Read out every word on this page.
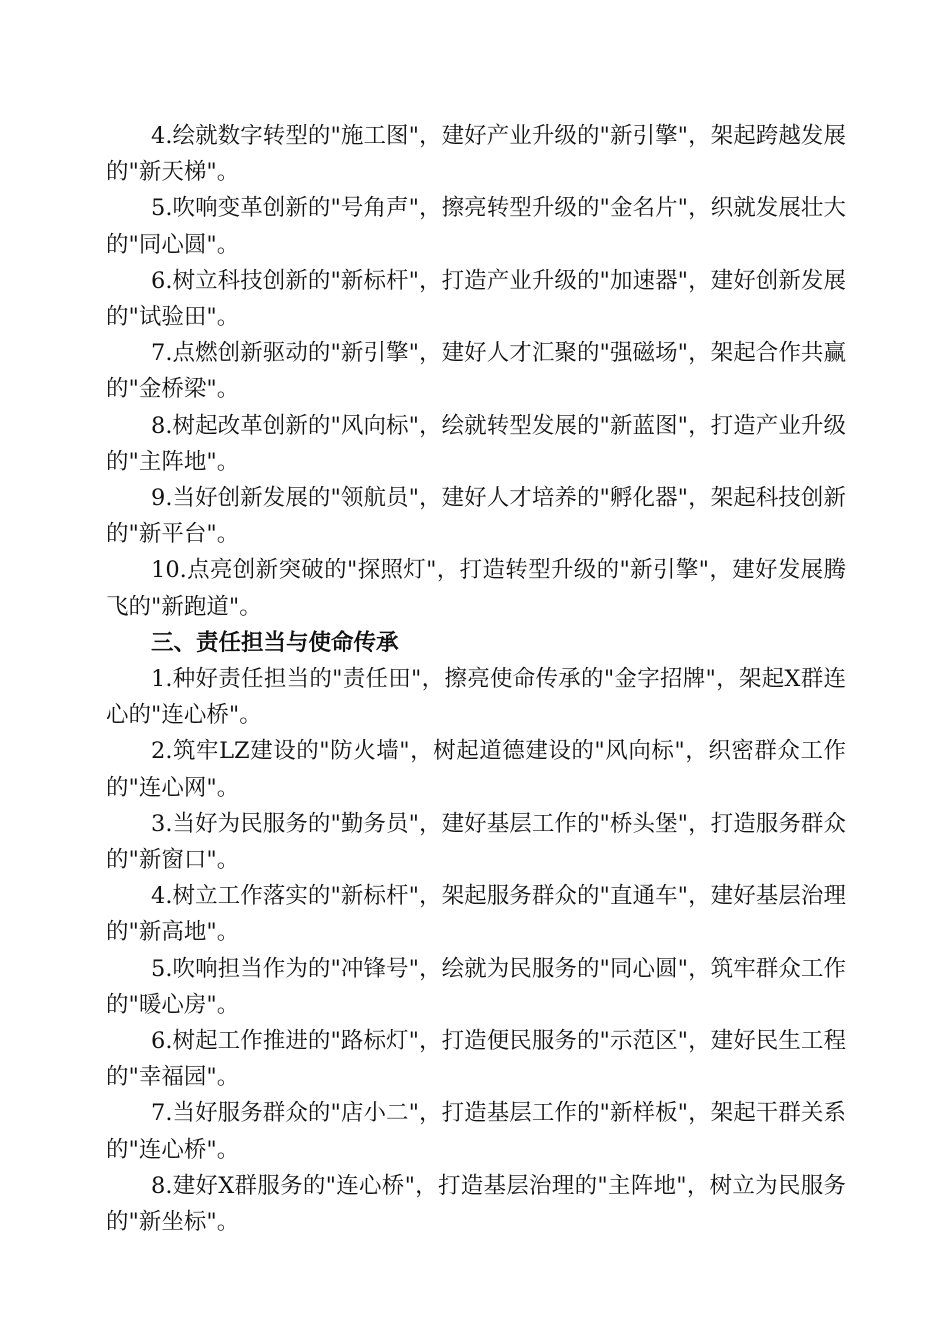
4.绘就数字转型的"施工图"，建好产业升级的"新引擎"，架起跨越发展的"新天梯"。

5.吹响变革创新的"号角声"，擦亮转型升级的"金名片"，织就发展壮大的"同心圆"。

6.树立科技创新的"新标杆"，打造产业升级的"加速器"，建好创新发展的"试验田"。

7.点燃创新驱动的"新引擎"，建好人才汇聚的"强磁场"，架起合作共赢的"金桥梁"。

8.树起改革创新的"风向标"，绘就转型发展的"新蓝图"，打造产业升级的"主阵地"。

9.当好创新发展的"领航员"，建好人才培养的"孵化器"，架起科技创新的"新平台"。

10.点亮创新突破的"探照灯"，打造转型升级的"新引擎"，建好发展腾飞的"新跑道"。

三、责任担当与使命传承

1.种好责任担当的"责任田"，擦亮使命传承的"金字招牌"，架起X群连心的"连心桥"。

2.筑牢LZ建设的"防火墙"，树起道德建设的"风向标"，织密群众工作的"连心网"。

3.当好为民服务的"勤务员"，建好基层工作的"桥头堡"，打造服务群众的"新窗口"。

4.树立工作落实的"新标杆"，架起服务群众的"直通车"，建好基层治理的"新高地"。

5.吹响担当作为的"冲锋号"，绘就为民服务的"同心圆"，筑牢群众工作的"暖心房"。

6.树起工作推进的"路标灯"，打造便民服务的"示范区"，建好民生工程的"幸福园"。

7.当好服务群众的"店小二"，打造基层工作的"新样板"，架起干群关系的"连心桥"。

8.建好X群服务的"连心桥"，打造基层治理的"主阵地"，树立为民服务的"新坐标"。
